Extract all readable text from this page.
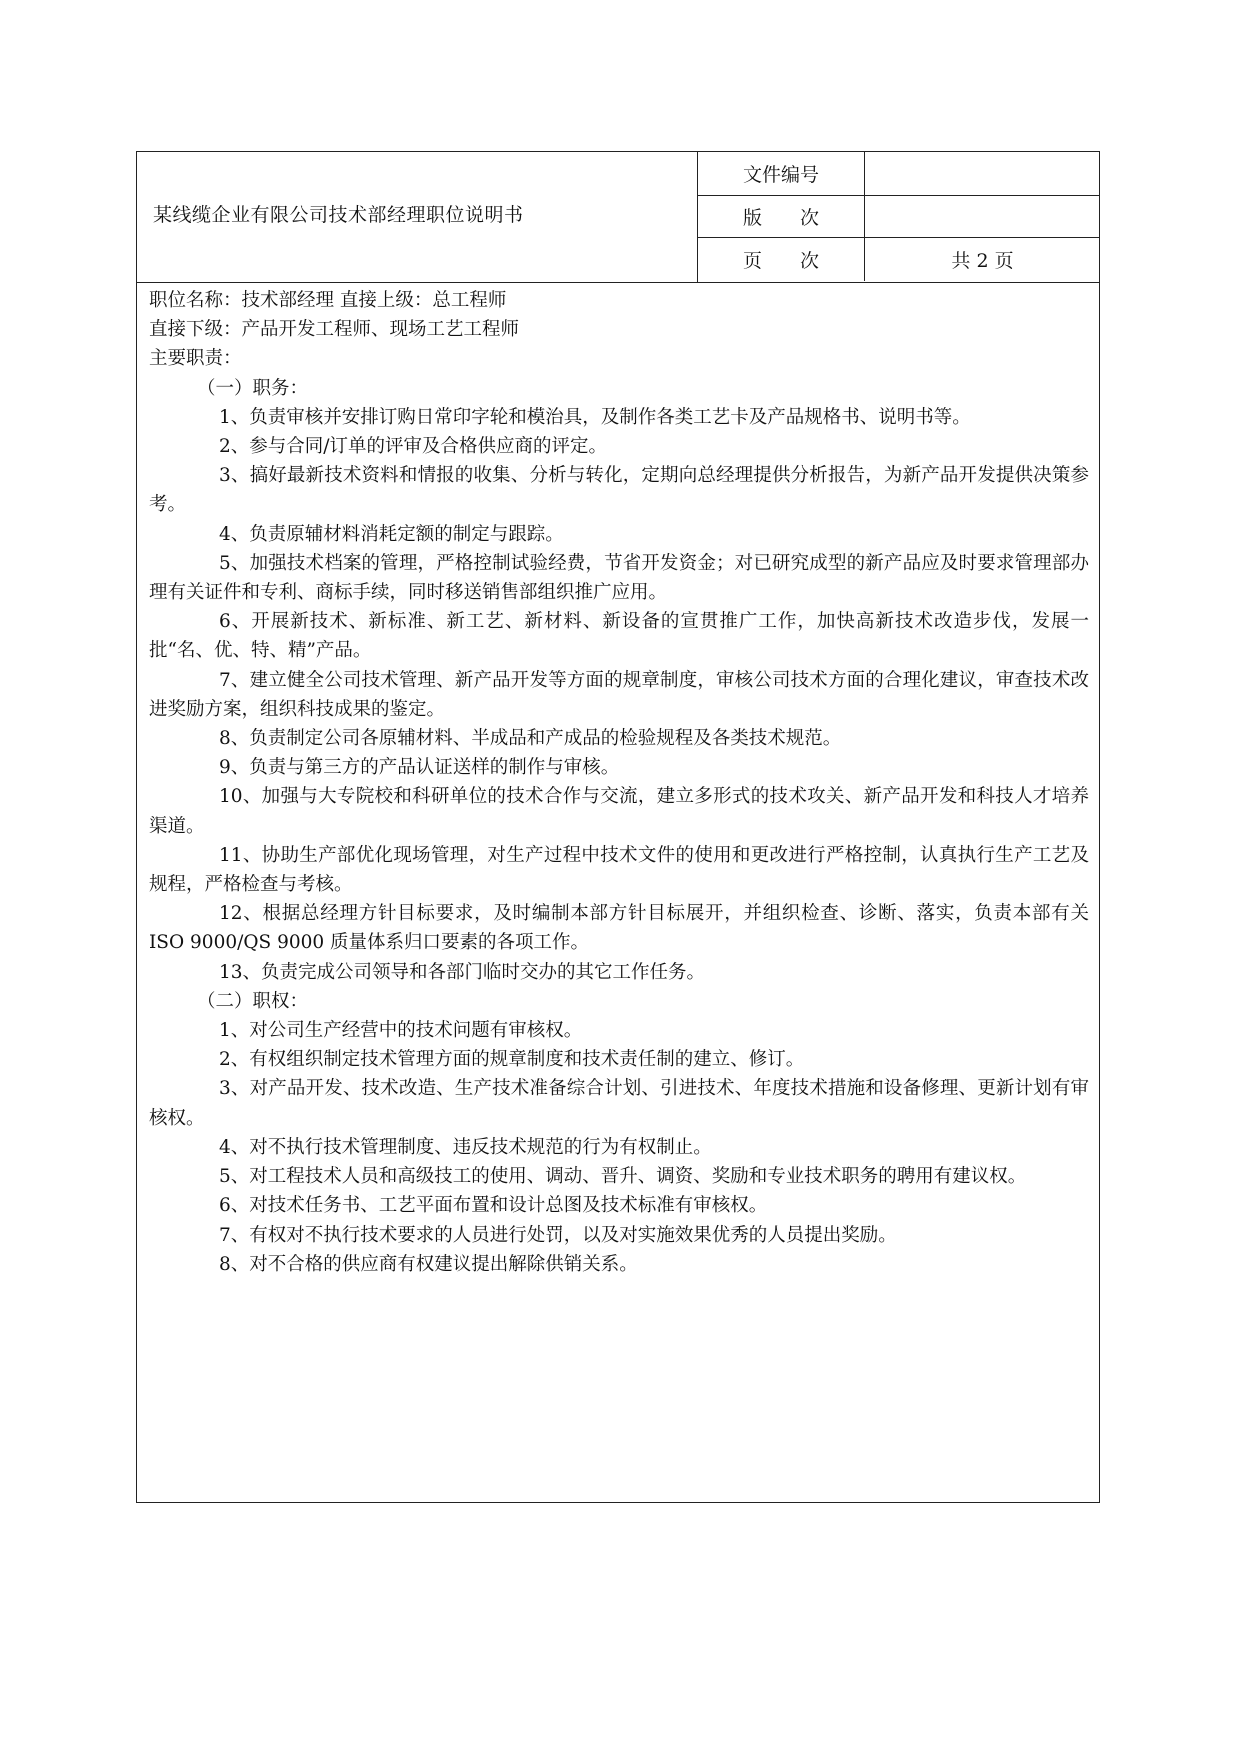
某线缆企业有限公司技术部经理职位说明书
文件编号
版 次
页 次	共 2 页
职位名称：技术部经理 直接上级：总工程师
直接下级：产品开发工程师、现场工艺工程师
主要职责：
（一）职务：
1、负责审核并安排订购日常印字轮和模治具，及制作各类工艺卡及产品规格书、说明书等。
2、参与合同/订单的评审及合格供应商的评定。
3、搞好最新技术资料和情报的收集、分析与转化，定期向总经理提供分析报告，为新产品开发提供决策参考。
4、负责原辅材料消耗定额的制定与跟踪。
5、加强技术档案的管理，严格控制试验经费，节省开发资金；对已研究成型的新产品应及时要求管理部办理有关证件和专利、商标手续，同时移送销售部组织推广应用。
6、开展新技术、新标准、新工艺、新材料、新设备的宣贯推广工作，加快高新技术改造步伐，发展一批“名、优、特、精”产品。
7、建立健全公司技术管理、新产品开发等方面的规章制度，审核公司技术方面的合理化建议，审查技术改进奖励方案，组织科技成果的鉴定。
8、负责制定公司各原辅材料、半成品和产成品的检验规程及各类技术规范。
9、负责与第三方的产品认证送样的制作与审核。
10、加强与大专院校和科研单位的技术合作与交流，建立多形式的技术攻关、新产品开发和科技人才培养渠道。
11、协助生产部优化现场管理，对生产过程中技术文件的使用和更改进行严格控制，认真执行生产工艺及规程，严格检查与考核。
12、根据总经理方针目标要求，及时编制本部方针目标展开，并组织检查、诊断、落实，负责本部有关 ISO 9000/QS 9000 质量体系归口要素的各项工作。
13、负责完成公司领导和各部门临时交办的其它工作任务。
（二）职权：
1、对公司生产经营中的技术问题有审核权。
2、有权组织制定技术管理方面的规章制度和技术责任制的建立、修订。
3、对产品开发、技术改造、生产技术准备综合计划、引进技术、年度技术措施和设备修理、更新计划有审核权。
4、对不执行技术管理制度、违反技术规范的行为有权制止。
5、对工程技术人员和高级技工的使用、调动、晋升、调资、奖励和专业技术职务的聘用有建议权。
6、对技术任务书、工艺平面布置和设计总图及技术标准有审核权。
7、有权对不执行技术要求的人员进行处罚，以及对实施效果优秀的人员提出奖励。
8、对不合格的供应商有权建议提出解除供销关系。
